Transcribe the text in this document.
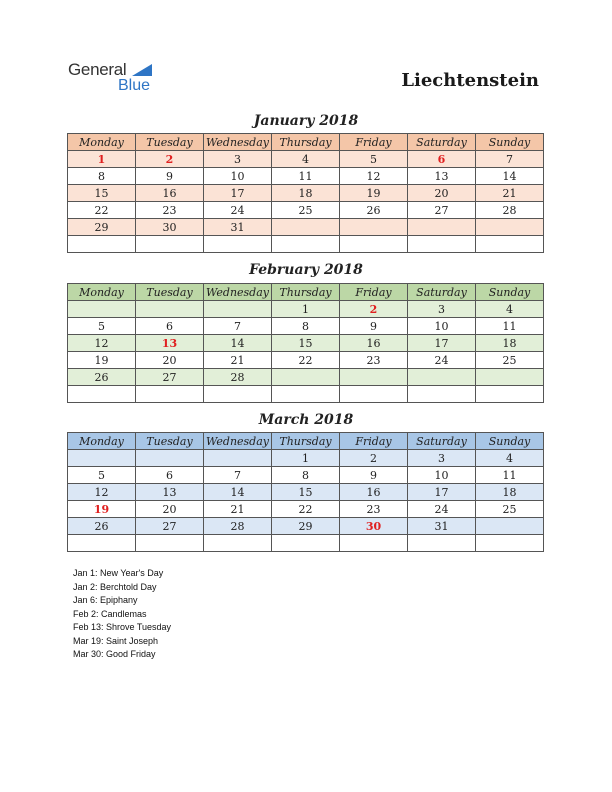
General
Blue	Liechtenstein
January 2018
Monday	Tuesday	Wednesday	Thursday	Friday	Saturday	Sunday
1	2	3	4	5	6	7
8	9	10	11	12	13	14
15	16	17	18	19	20	21
22	23	24	25	26	27	28
29	30	31				

February 2018
Monday	Tuesday	Wednesday	Thursday	Friday	Saturday	Sunday
			1	2	3	4
5	6	7	8	9	10	11
12	13	14	15	16	17	18
19	20	21	22	23	24	25
26	27	28				

March 2018
Monday	Tuesday	Wednesday	Thursday	Friday	Saturday	Sunday
			1	2	3	4
5	6	7	8	9	10	11
12	13	14	15	16	17	18
19	20	21	22	23	24	25
26	27	28	29	30	31	

Jan 1: New Year's Day
Jan 2: Berchtold Day
Jan 6: Epiphany
Feb 2: Candlemas
Feb 13: Shrove Tuesday
Mar 19: Saint Joseph
Mar 30: Good Friday
